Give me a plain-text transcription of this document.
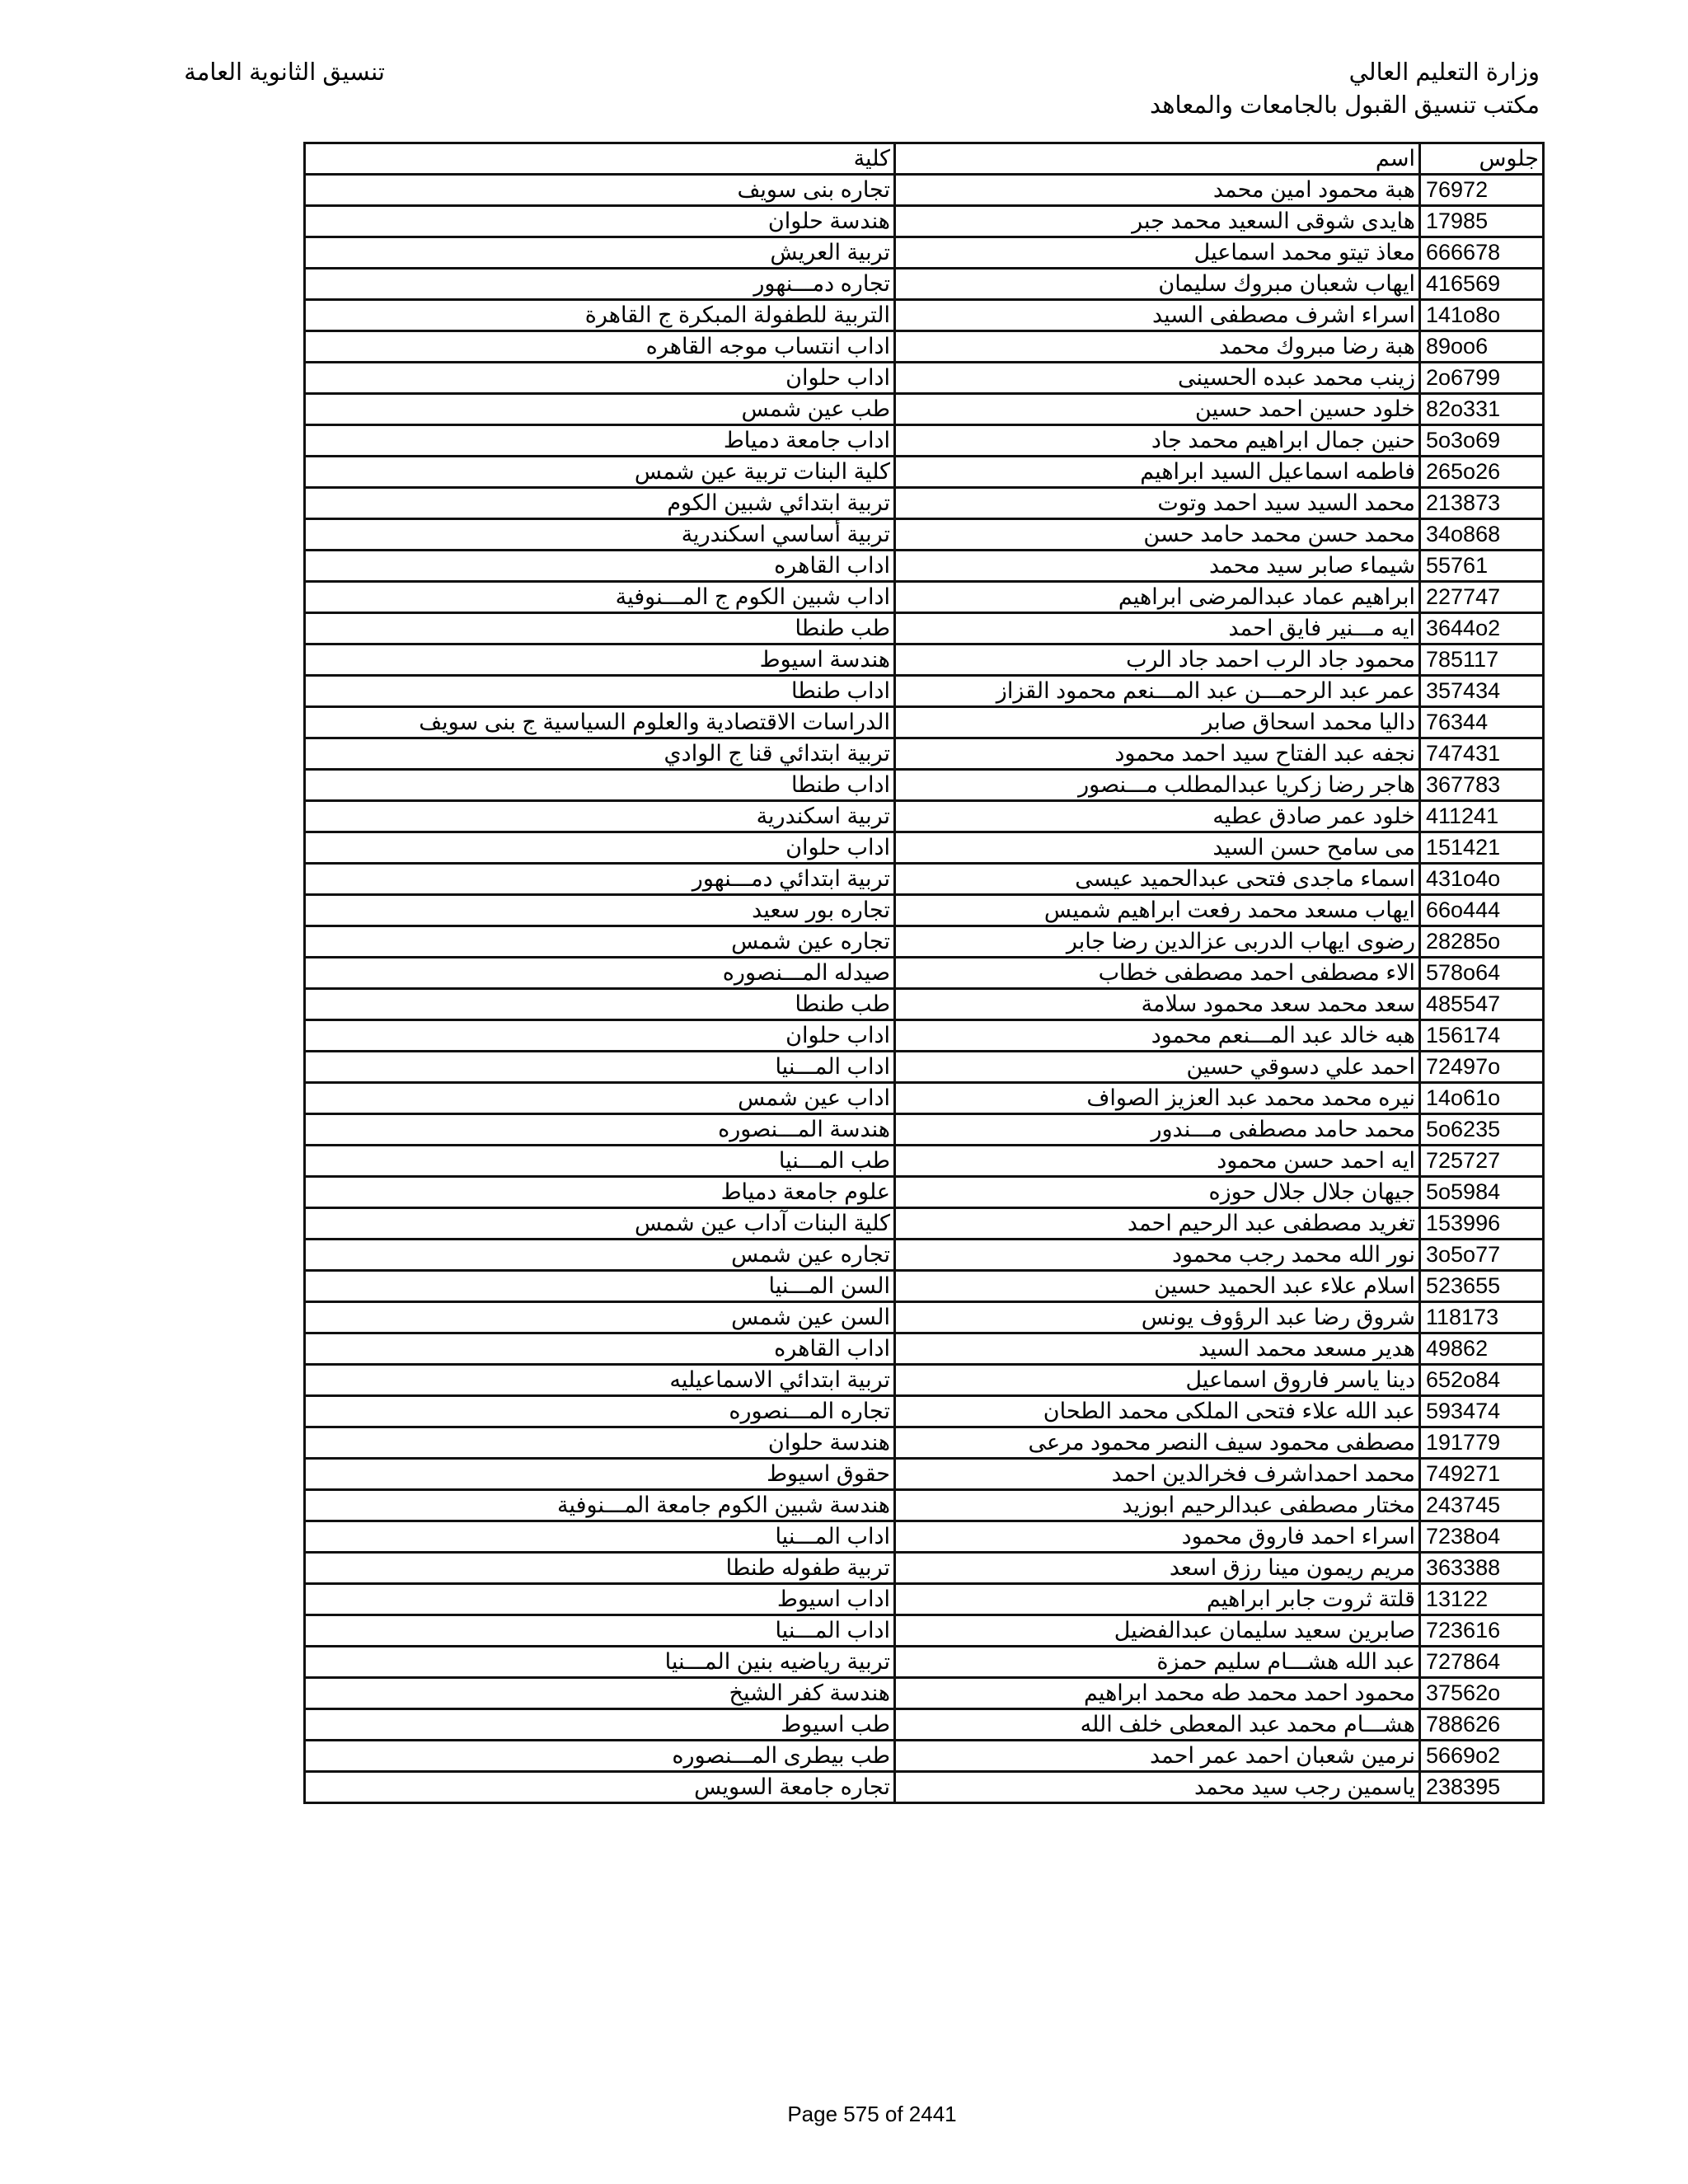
وزارة التعليم العالي
مكتب تنسيق القبول بالجامعات والمعاهد
تنسيق الثانوية العامة
جلوس	اسم	كلية
76972	هبة محمود امين محمد	تجاره بنى سويف
17985	هايدى شوقى السعيد محمد جبر	هندسة حلوان
666678	معاذ تيتو محمد اسماعيل	تربية العريش
416569	ايهاب شعبان مبروك سليمان	تجاره دمـــنهور
141o8o	اسراء اشرف مصطفى السيد	التربية للطفولة المبكرة ج القاهرة
89oo6	هبة رضا مبروك محمد	اداب انتساب موجه القاهره
2o6799	زينب محمد عبده الحسينى	اداب حلوان
82o331	خلود حسين احمد حسين	طب عين شمس
5o3o69	حنين جمال ابراهيم محمد جاد	اداب جامعة دمياط
265o26	فاطمه اسماعيل السيد ابراهيم	كلية البنات تربية عين شمس
213873	محمد السيد سيد احمد وتوت	تربية ابتدائي شبين الكوم
34o868	محمد حسن محمد حامد حسن	تربية أساسي اسكندرية
55761	شيماء صابر سيد محمد	اداب القاهره
227747	ابراهيم عماد عبدالمرضى ابراهيم	اداب شبين الكوم ج المـــنوفية
3644o2	ايه مـــنير فايق احمد	طب طنطا
785117	محمود جاد الرب احمد جاد الرب	هندسة اسيوط
357434	عمر عبد الرحمـــن عبد المـــنعم محمود القزاز	اداب طنطا
76344	داليا محمد اسحاق صابر	الدراسات الاقتصادية والعلوم السياسية ج بنى سويف
747431	نجفه عبد الفتاح سيد احمد محمود	تربية ابتدائي قنا ج الوادي
367783	هاجر رضا زكريا عبدالمطلب مـــنصور	اداب طنطا
411241	خلود عمر صادق عطيه	تربية اسكندرية
151421	مى سامح حسن السيد	اداب حلوان
431o4o	اسماء ماجدى فتحى عبدالحميد عيسى	تربية ابتدائي دمـــنهور
66o444	ايهاب مسعد محمد رفعت ابراهيم شميس	تجاره بور سعيد
28285o	رضوى ايهاب الدربى عزالدين رضا جابر	تجاره عين شمس
578o64	الاء مصطفى احمد مصطفى خطاب	صيدله المـــنصوره
485547	سعد محمد سعد محمود سلامة	طب طنطا
156174	هبه خالد عبد المـــنعم محمود	اداب حلوان
72497o	احمد علي دسوقي حسين	اداب المـــنيا
14o61o	نيره محمد محمد عبد العزيز الصواف	اداب عين شمس
5o6235	محمد حامد مصطفى مـــندور	هندسة المـــنصوره
725727	ايه احمد حسن محمود	طب المـــنيا
5o5984	جيهان جلال جلال حوزه	علوم جامعة دمياط
153996	تغريد مصطفى عبد الرحيم احمد	كلية البنات آداب عين شمس
3o5o77	نور الله محمد رجب محمود	تجاره عين شمس
523655	اسلام علاء عبد الحميد حسين	السن المـــنيا
118173	شروق رضا عبد الرؤوف يونس	السن عين شمس
49862	هدير مسعد محمد السيد	اداب القاهره
652o84	دينا ياسر فاروق اسماعيل	تربية ابتدائي الاسماعيليه
593474	عبد الله علاء فتحى الملكى محمد الطحان	تجاره المـــنصوره
191779	مصطفى محمود سيف النصر محمود مرعى	هندسة حلوان
749271	محمد احمداشرف فخرالدين احمد	حقوق اسيوط
243745	مختار مصطفى عبدالرحيم ابوزيد	هندسة شبين الكوم جامعة المـــنوفية
7238o4	اسراء احمد فاروق محمود	اداب المـــنيا
363388	مريم ريمون مينا رزق اسعد	تربية طفوله طنطا
13122	قلتة ثروت جابر ابراهيم	اداب اسيوط
723616	صابرين سعيد سليمان عبدالفضيل	اداب المـــنيا
727864	عبد الله هشـــام سليم حمزة	تربية رياضيه بنين المـــنيا
37562o	محمود احمد محمد طه محمد ابراهيم	هندسة كفر الشيخ
788626	هشـــام محمد عبد المعطى خلف الله	طب اسيوط
5669o2	نرمين شعبان احمد عمر احمد	طب بيطرى المـــنصوره
238395	ياسمين رجب سيد محمد	تجاره جامعة السويس
Page 575 of 2441
